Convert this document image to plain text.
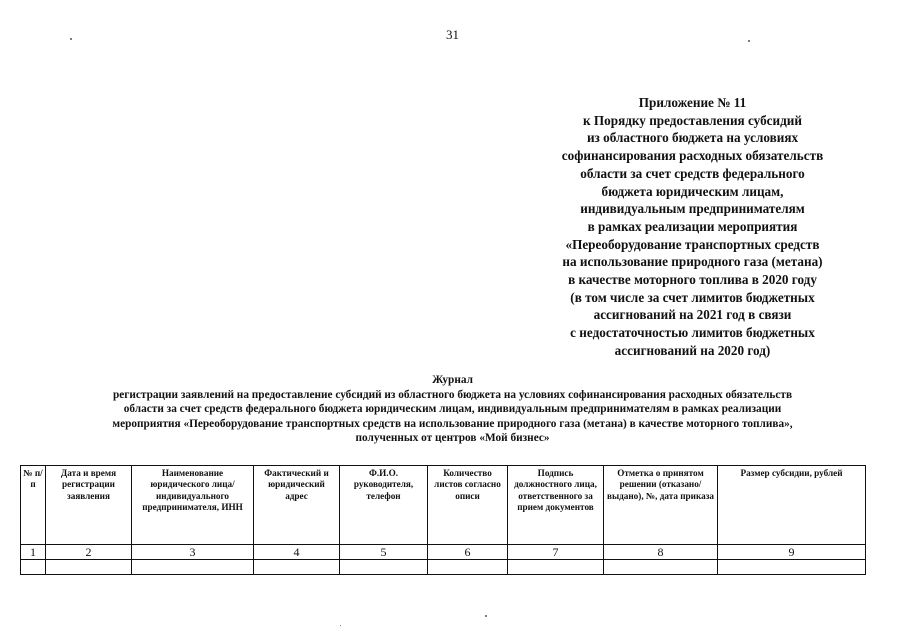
31
Приложение № 11
к Порядку предоставления субсидий
из областного бюджета на условиях
софинансирования расходных обязательств
области за счет средств федерального
бюджета юридическим лицам,
индивидуальным предпринимателям
в рамках реализации мероприятия
«Переоборудование транспортных средств
на использование природного газа (метана)
в качестве моторного топлива в 2020 году
(в том числе за счет лимитов бюджетных
ассигнований на 2021 год в связи
с недостаточностью лимитов бюджетных
ассигнований на 2020 год)
Журнал
регистрации заявлений на предоставление субсидий из областного бюджета на условиях софинансирования расходных обязательств
области за счет средств федерального бюджета юридическим лицам, индивидуальным предпринимателям в рамках реализации
мероприятия «Переоборудование транспортных средств на использование природного газа (метана) в качестве моторного топлива»,
полученных от центров «Мой бизнес»
№ п/п	Дата и время регистрации заявления	Наименование юридического лица/ индивидуального предпринимателя, ИНН	Фактический и юридический адрес	Ф.И.О. руководителя, телефон	Количество листов согласно описи	Подпись должностного лица, ответственного за прием документов	Отметка о принятом решении (отказано/выдано), №, дата приказа	Размер субсидии, рублей
1	2	3	4	5	6	7	8	9
